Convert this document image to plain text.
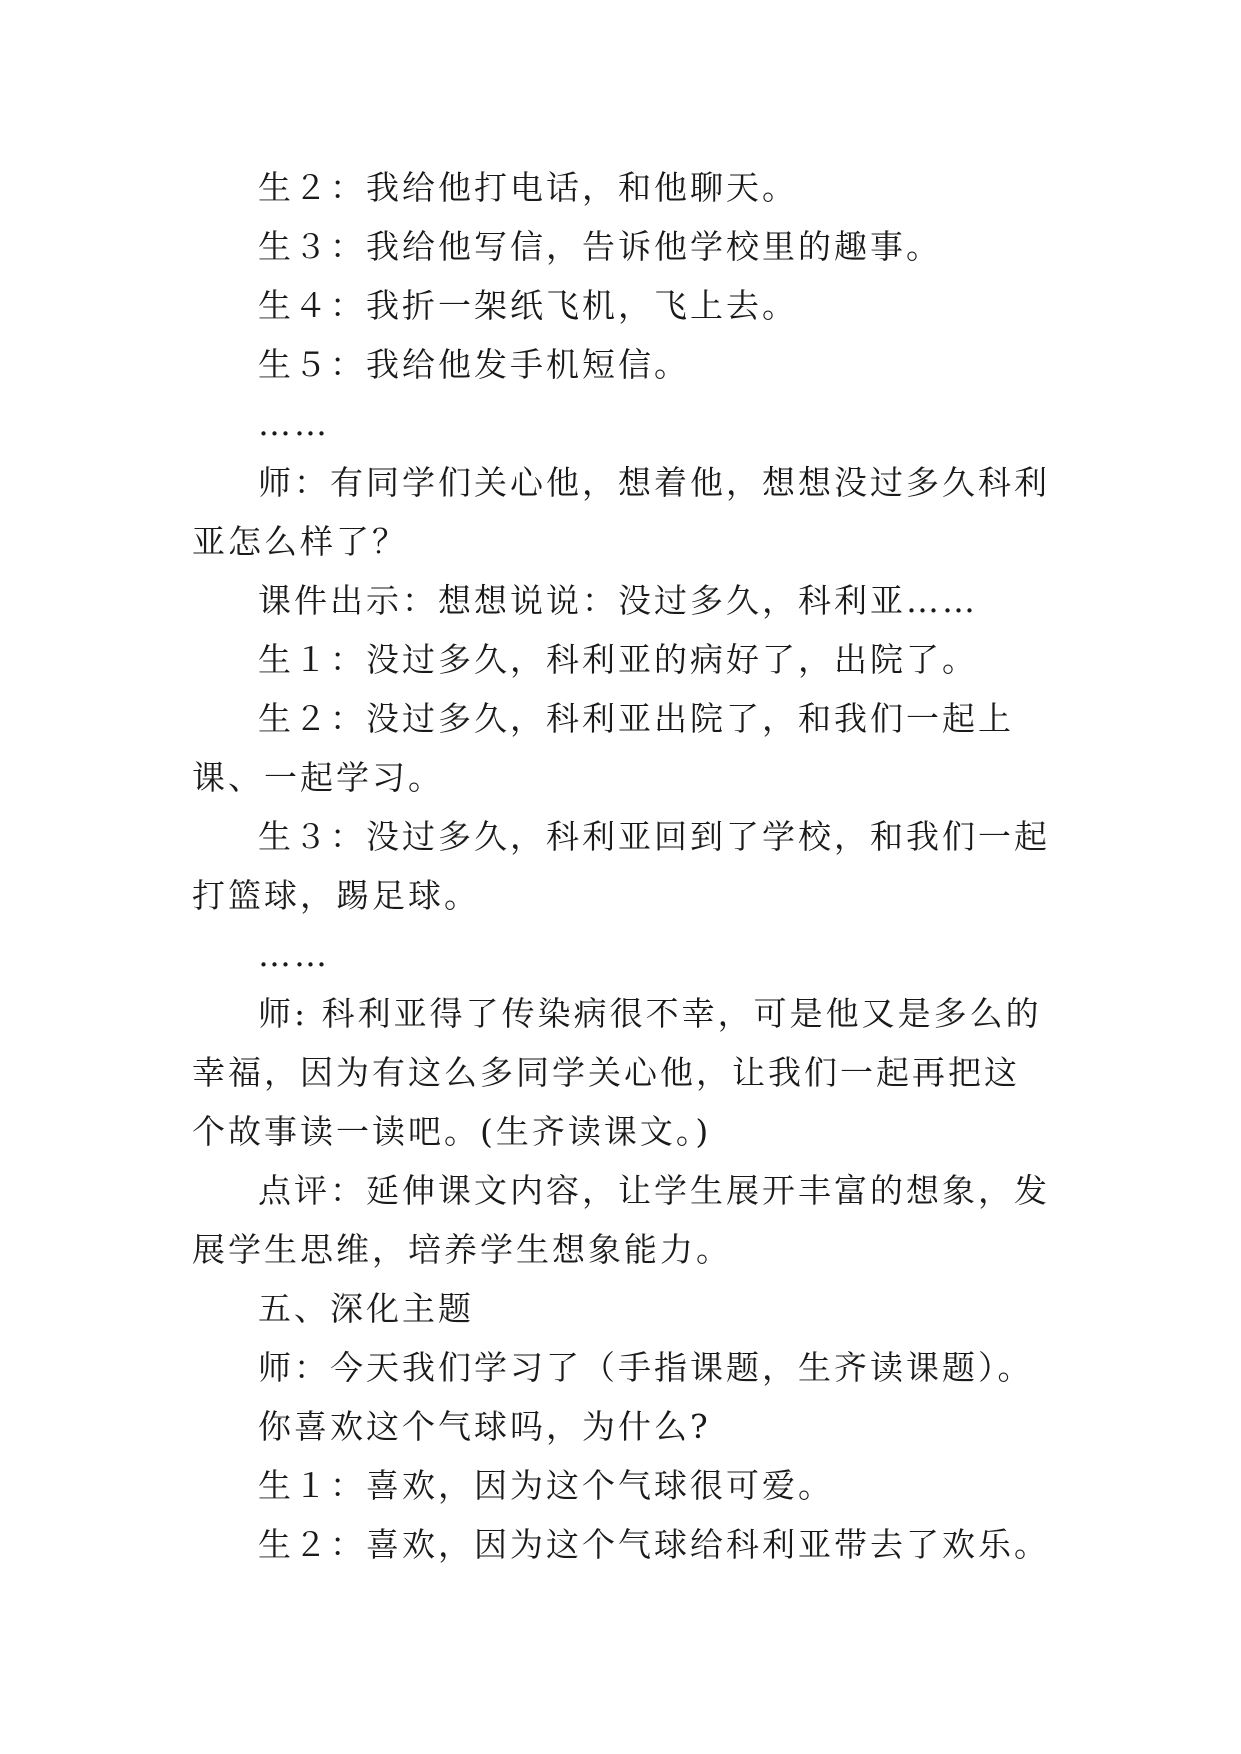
生２：我给他打电话，和他聊天。

生３：我给他写信，告诉他学校里的趣事。

生４：我折一架纸飞机，飞上去。

生５：我给他发手机短信。

……

师：有同学们关心他，想着他，想想没过多久科利亚怎么样了？

课件出示：想想说说：没过多久，科利亚……

生１：没过多久，科利亚的病好了，出院了。

生２：没过多久，科利亚出院了，和我们一起上课、一起学习。

生３：没过多久，科利亚回到了学校，和我们一起打篮球，踢足球。

……

师: 科利亚得了传染病很不幸，可是他又是多么的幸福，因为有这么多同学关心他，让我们一起再把这个故事读一读吧。(生齐读课文。)

点评：延伸课文内容，让学生展开丰富的想象，发展学生思维，培养学生想象能力。

五、深化主题

师：今天我们学习了（手指课题，生齐读课题）。

你喜欢这个气球吗，为什么?

生１：喜欢，因为这个气球很可爱。

生２：喜欢，因为这个气球给科利亚带去了欢乐。
